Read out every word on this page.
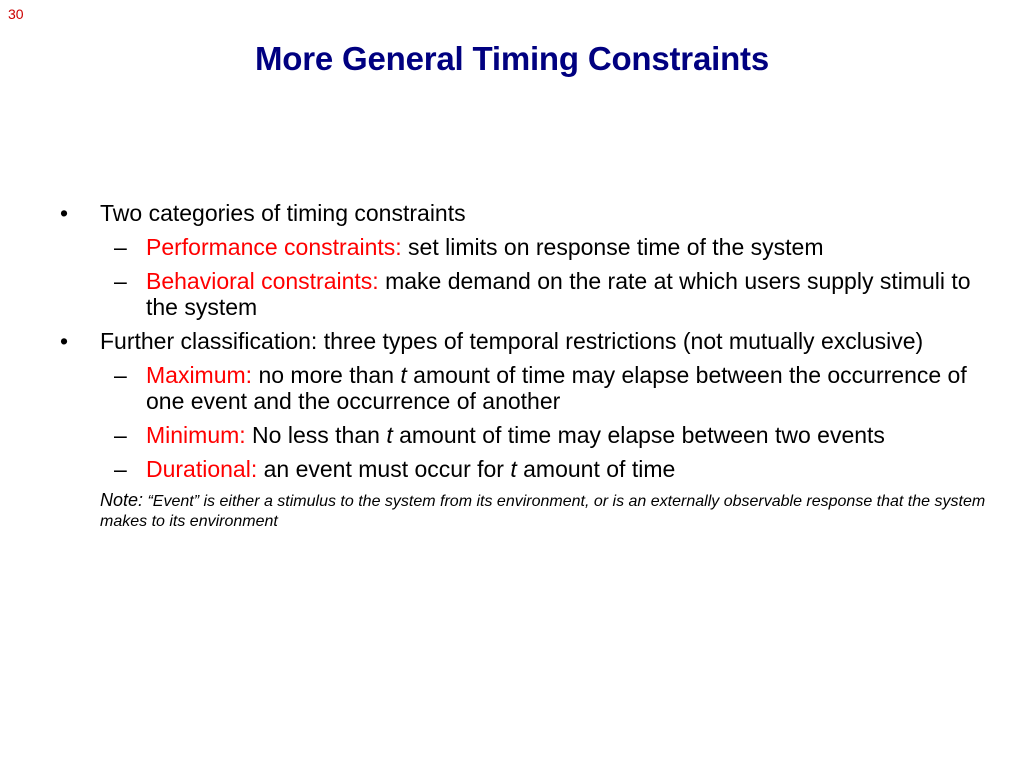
30
More General Timing Constraints
• Two categories of timing constraints
– Performance constraints: set limits on response time of the system
– Behavioral constraints: make demand on the rate at which users supply stimuli to the system
• Further classification: three types of temporal restrictions (not mutually exclusive)
– Maximum: no more than t amount of time may elapse between the occurrence of one event and the occurrence of another
– Minimum: No less than t amount of time may elapse between two events
– Durational: an event must occur for t amount of time
Note: “Event” is either a stimulus to the system from its environment, or is an externally observable response that the system makes to its environment
